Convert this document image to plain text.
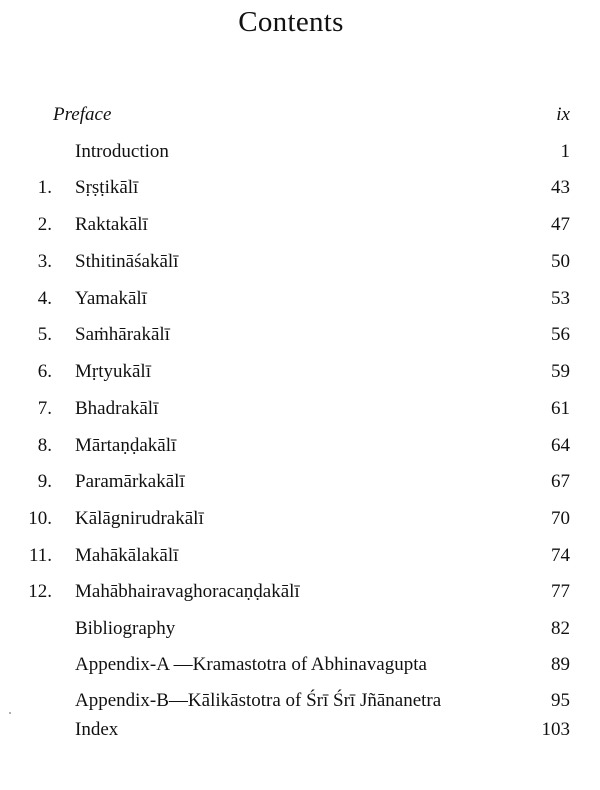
Contents
Preface	ix
Introduction	1
1. Sṛṣṭikālī	43
2. Raktakālī	47
3. Sthitināśakālī	50
4. Yamakālī	53
5. Saṁhārakālī	56
6. Mṛtyukālī	59
7. Bhadrakālī	61
8. Mārtaṇḍakālī	64
9. Paramārkakālī	67
10. Kālāgnirudrakālī	70
11. Mahākālakālī	74
12. Mahābhairavaghoracaṇḍakālī	77
Bibliography	82
Appendix-A —Kramastotra of Abhinavagupta	89
Appendix-B—Kālikāstotra of Śrī Śrī Jñānanetra	95
Index	103
